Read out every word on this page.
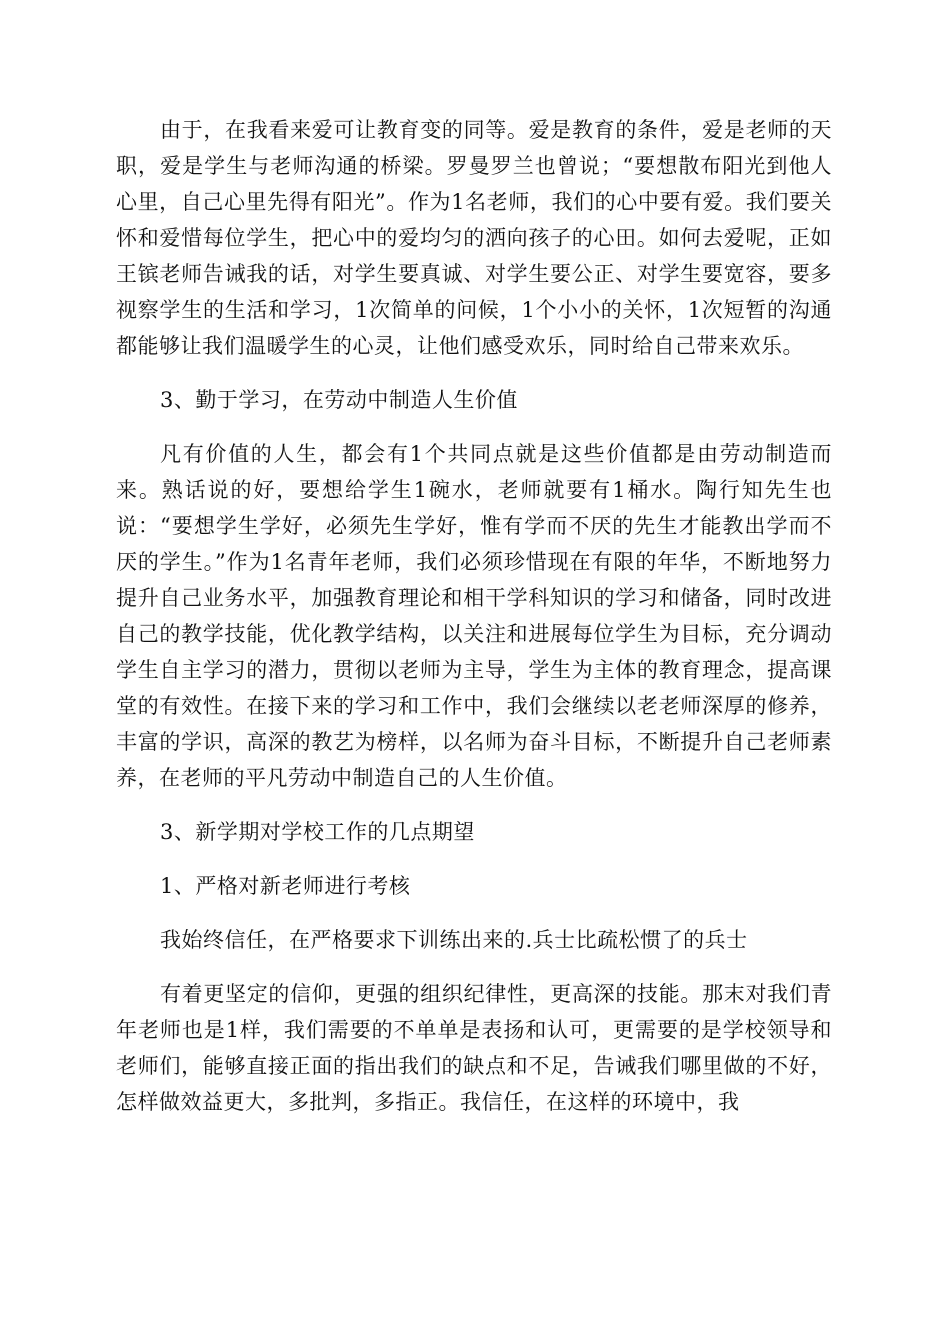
由于，在我看来爱可让教育变的同等。爱是教育的条件，爱是老师的天职，爱是学生与老师沟通的桥梁。罗曼罗兰也曾说；“要想散布阳光到他人心里，自己心里先得有阳光”。作为1名老师，我们的心中要有爱。我们要关怀和爱惜每位学生，把心中的爱均匀的洒向孩子的心田。如何去爱呢，正如王镔老师告诫我的话，对学生要真诚、对学生要公正、对学生要宽容，要多视察学生的生活和学习，1次简单的问候，1个小小的关怀，1次短暂的沟通都能够让我们温暖学生的心灵，让他们感受欢乐，同时给自己带来欢乐。

3、勤于学习，在劳动中制造人生价值

凡有价值的人生，都会有1个共同点就是这些价值都是由劳动制造而来。熟话说的好，要想给学生1碗水，老师就要有1桶水。陶行知先生也说：“要想学生学好，必须先生学好，惟有学而不厌的先生才能教出学而不厌的学生。”作为1名青年老师，我们必须珍惜现在有限的年华，不断地努力提升自己业务水平，加强教育理论和相干学科知识的学习和储备，同时改进自己的教学技能，优化教学结构，以关注和进展每位学生为目标，充分调动学生自主学习的潜力，贯彻以老师为主导，学生为主体的教育理念，提高课堂的有效性。在接下来的学习和工作中，我们会继续以老老师深厚的修养，丰富的学识，高深的教艺为榜样，以名师为奋斗目标，不断提升自己老师素养，在老师的平凡劳动中制造自己的人生价值。

3、新学期对学校工作的几点期望

1、严格对新老师进行考核

我始终信任，在严格要求下训练出来的.兵士比疏松惯了的兵士

有着更坚定的信仰，更强的组织纪律性，更高深的技能。那末对我们青年老师也是1样，我们需要的不单单是表扬和认可，更需要的是学校领导和老师们，能够直接正面的指出我们的缺点和不足，告诫我们哪里做的不好，怎样做效益更大，多批判，多指正。我信任，在这样的环境中，我
